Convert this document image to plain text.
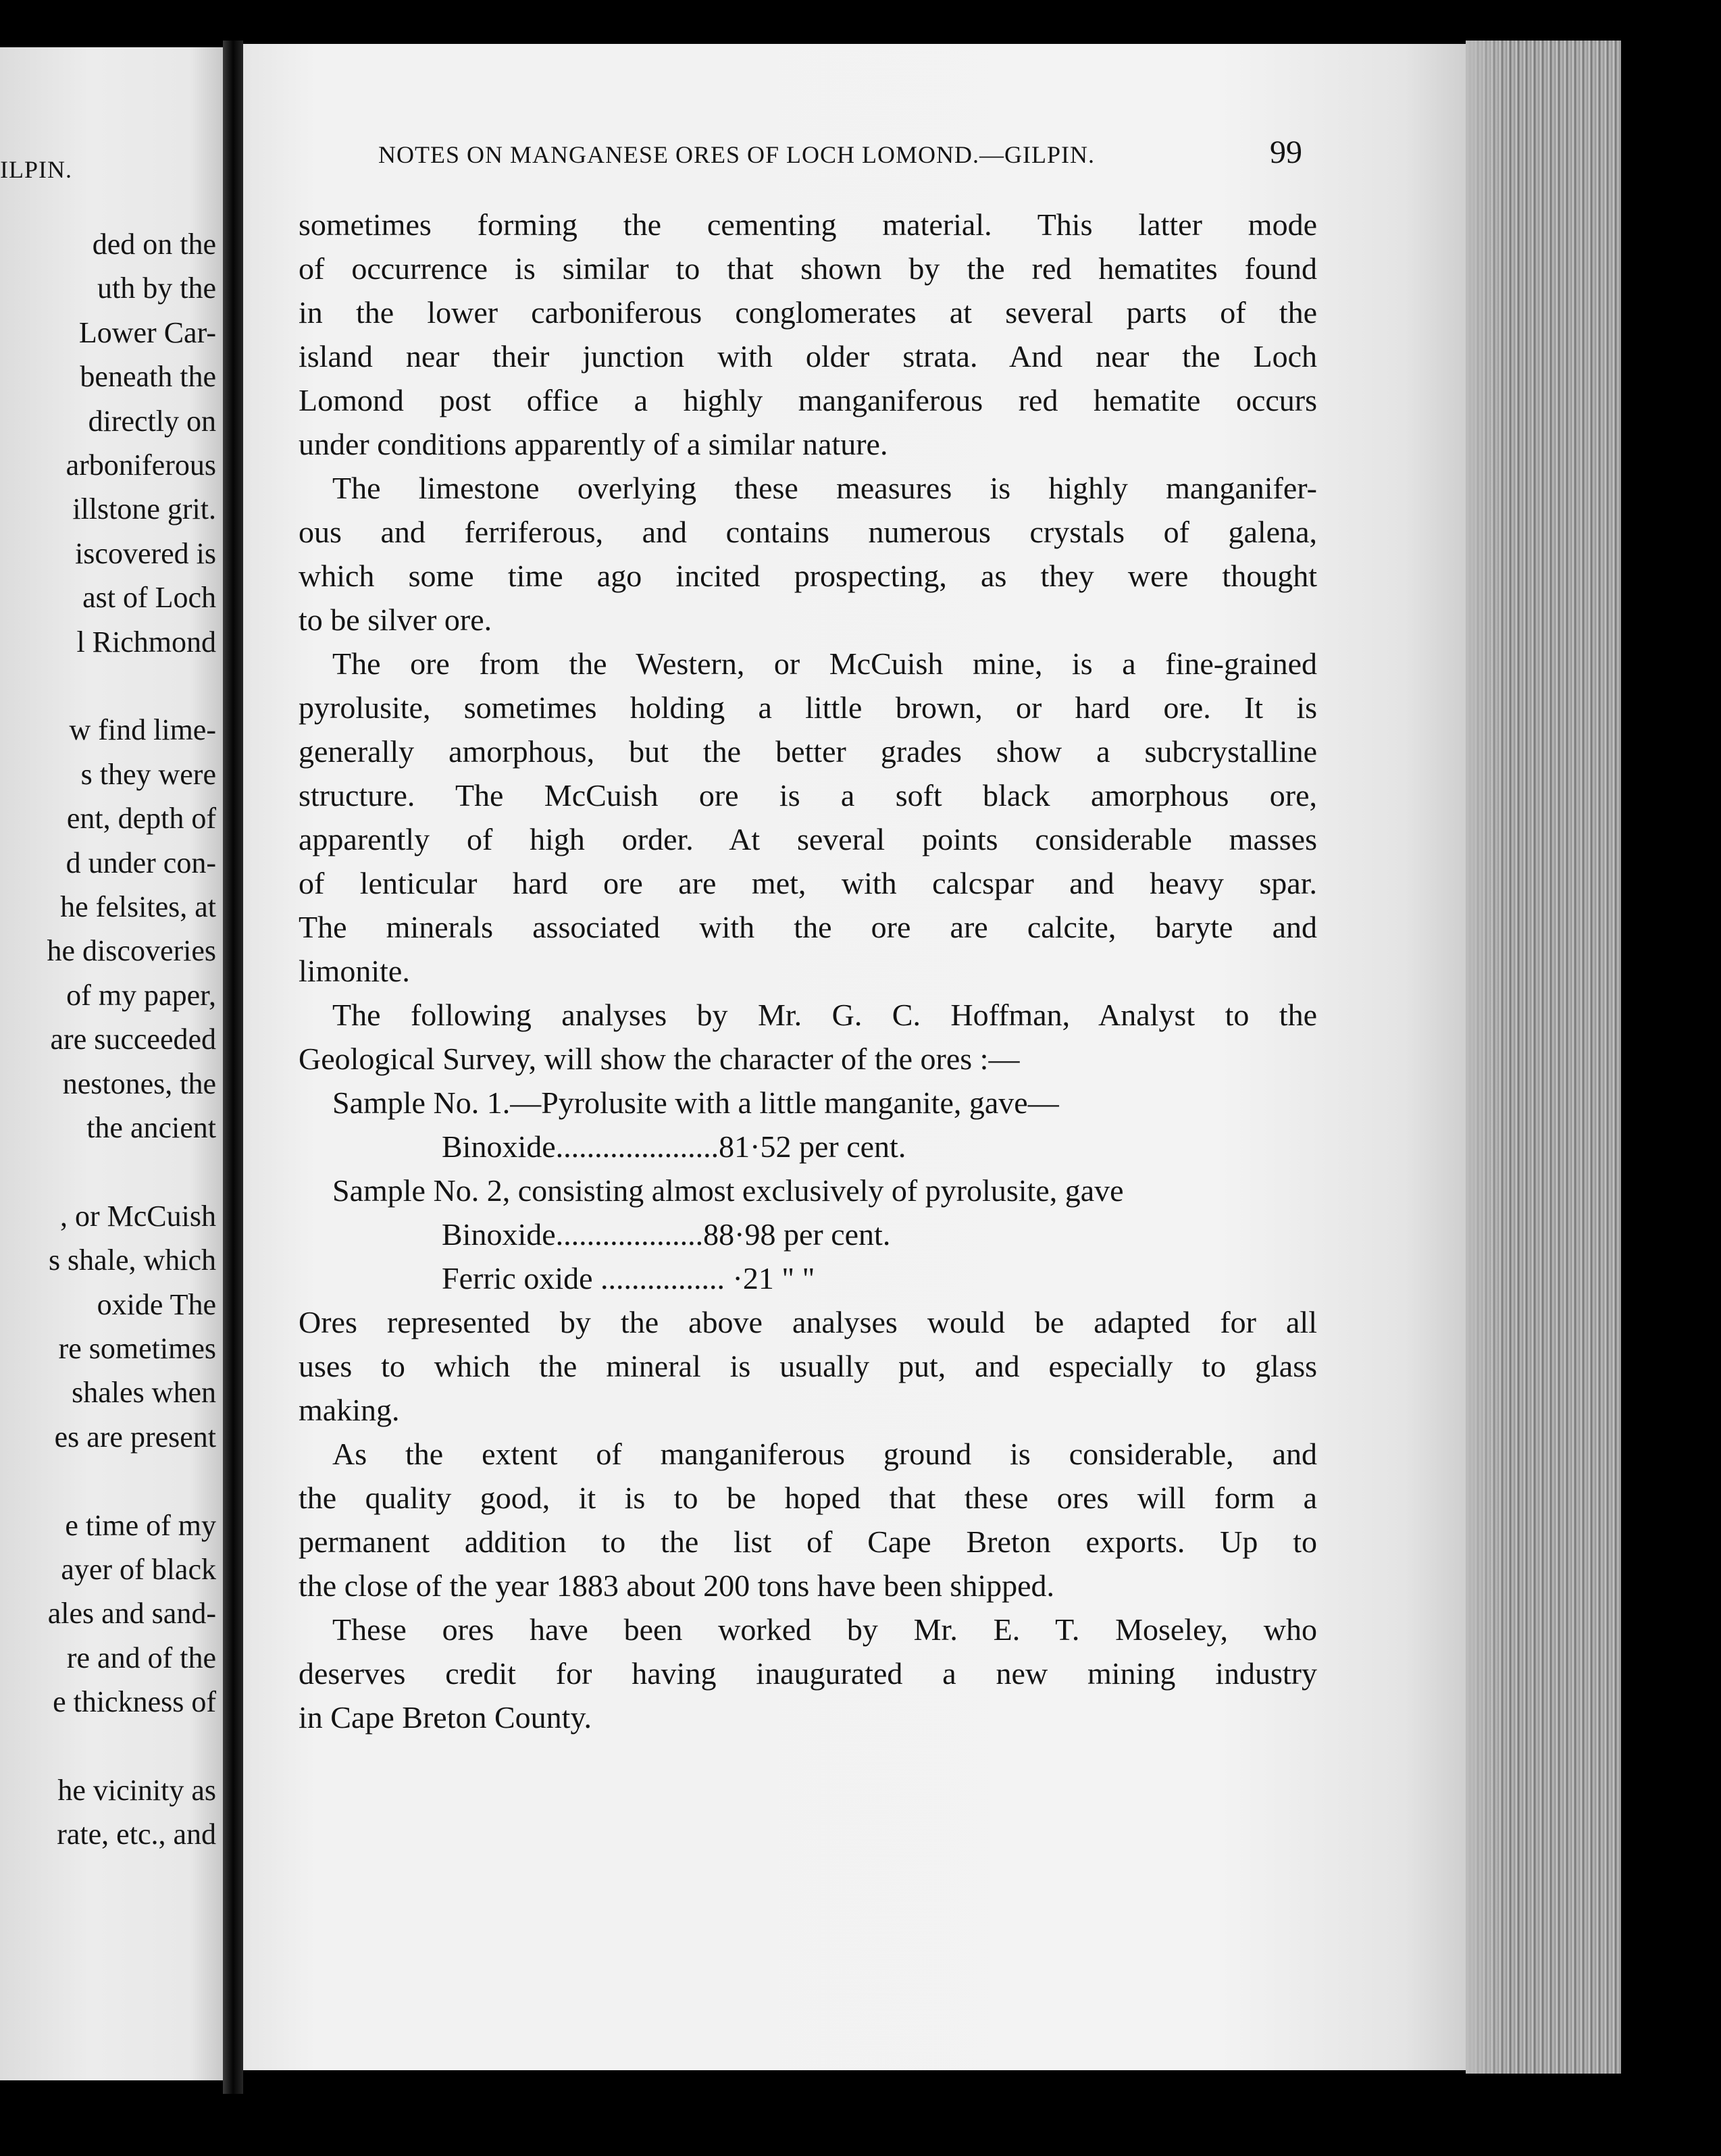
ILPIN.
ded on the
uth by the
Lower Car-
beneath the
directly on
arboniferous
illstone grit.
iscovered is
ast of Loch
l Richmond
w find lime-
s they were
ent, depth of
d under con-
he felsites, at
he discoveries
of my paper,
are succeeded
nestones, the
the ancient
, or McCuish
s shale, which
oxide The
re sometimes
shales when
es are present
e time of my
ayer of black
ales and sand-
re and of the
e thickness of
he vicinity as
rate, etc., and
NOTES ON MANGANESE ORES OF LOCH LOMOND.—GILPIN.	99
sometimes forming the cementing material. This latter mode
of occurrence is similar to that shown by the red hematites found
in the lower carboniferous conglomerates at several parts of the
island near their junction with older strata. And near the Loch
Lomond post office a highly manganiferous red hematite occurs
under conditions apparently of a similar nature.
The limestone overlying these measures is highly manganifer-
ous and ferriferous, and contains numerous crystals of galena,
which some time ago incited prospecting, as they were thought
to be silver ore.
The ore from the Western, or McCuish mine, is a fine-grained
pyrolusite, sometimes holding a little brown, or hard ore. It is
generally amorphous, but the better grades show a subcrystalline
structure. The McCuish ore is a soft black amorphous ore,
apparently of high order. At several points considerable masses
of lenticular hard ore are met, with calcspar and heavy spar.
The minerals associated with the ore are calcite, baryte and
limonite.
The following analyses by Mr. G. C. Hoffman, Analyst to the
Geological Survey, will show the character of the ores :—
Sample No. 1.—Pyrolusite with a little manganite, gave—
Binoxide.....................81·52 per cent.
Sample No. 2, consisting almost exclusively of pyrolusite, gave
Binoxide...................88·98 per cent.
Ferric oxide ................ ·21 " "
Ores represented by the above analyses would be adapted for all
uses to which the mineral is usually put, and especially to glass
making.
As the extent of manganiferous ground is considerable, and
the quality good, it is to be hoped that these ores will form a
permanent addition to the list of Cape Breton exports. Up to
the close of the year 1883 about 200 tons have been shipped.
These ores have been worked by Mr. E. T. Moseley, who
deserves credit for having inaugurated a new mining industry
in Cape Breton County.
